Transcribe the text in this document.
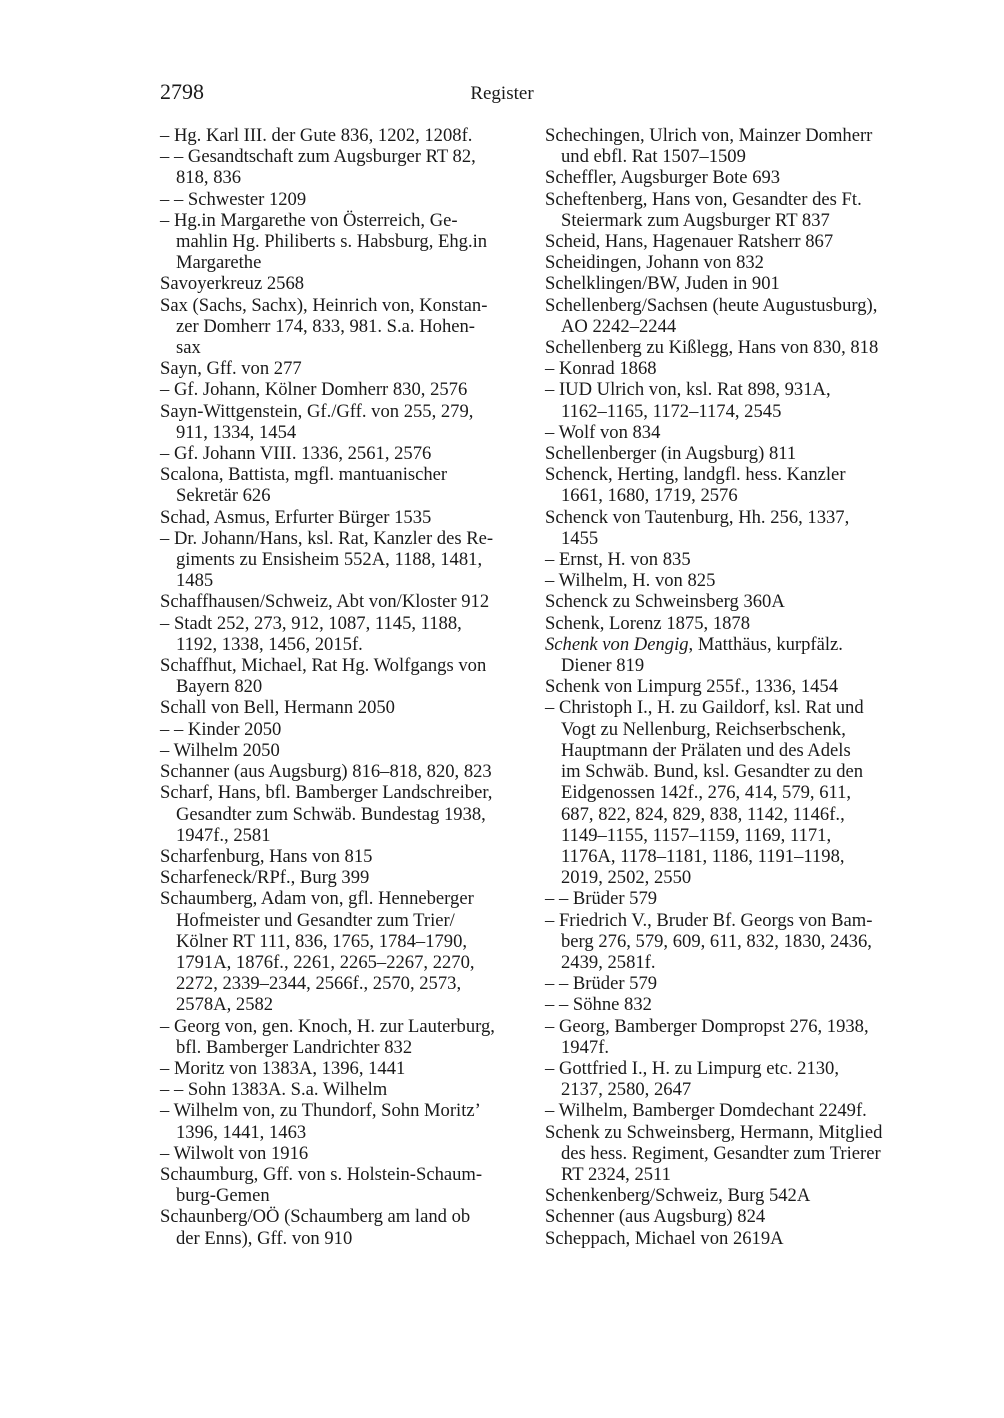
2798	Register
– Hg. Karl III. der Gute 836, 1202, 1208f.
– – Gesandtschaft zum Augsburger RT 82,
818, 836
– – Schwester 1209
– Hg.in Margarethe von Österreich, Ge-
mahlin Hg. Philiberts s. Habsburg, Ehg.in
Margarethe
Savoyerkreuz 2568
Sax (Sachs, Sachx), Heinrich von, Konstan-
zer Domherr 174, 833, 981. S.a. Hohen-
sax
Sayn, Gff. von 277
– Gf. Johann, Kölner Domherr 830, 2576
Sayn-Wittgenstein, Gf./Gff. von 255, 279,
911, 1334, 1454
– Gf. Johann VIII. 1336, 2561, 2576
Scalona, Battista, mgfl. mantuanischer
Sekretär 626
Schad, Asmus, Erfurter Bürger 1535
– Dr. Johann/Hans, ksl. Rat, Kanzler des Re-
giments zu Ensisheim 552A, 1188, 1481,
1485
Schaffhausen/Schweiz, Abt von/Kloster 912
– Stadt 252, 273, 912, 1087, 1145, 1188,
1192, 1338, 1456, 2015f.
Schaffhut, Michael, Rat Hg. Wolfgangs von
Bayern 820
Schall von Bell, Hermann 2050
– – Kinder 2050
– Wilhelm 2050
Schanner (aus Augsburg) 816–818, 820, 823
Scharf, Hans, bfl. Bamberger Landschreiber,
Gesandter zum Schwäb. Bundestag 1938,
1947f., 2581
Scharfenburg, Hans von 815
Scharfeneck/RPf., Burg 399
Schaumberg, Adam von, gfl. Henneberger
Hofmeister und Gesandter zum Trier/
Kölner RT 111, 836, 1765, 1784–1790,
1791A, 1876f., 2261, 2265–2267, 2270,
2272, 2339–2344, 2566f., 2570, 2573,
2578A, 2582
– Georg von, gen. Knoch, H. zur Lauterburg,
bfl. Bamberger Landrichter 832
– Moritz von 1383A, 1396, 1441
– – Sohn 1383A. S.a. Wilhelm
– Wilhelm von, zu Thundorf, Sohn Moritz’
1396, 1441, 1463
– Wilwolt von 1916
Schaumburg, Gff. von s. Holstein-Schaum-
burg-Gemen
Schaunberg/OÖ (Schaumberg am land ob
der Enns), Gff. von 910
Schechingen, Ulrich von, Mainzer Domherr
und ebfl. Rat 1507–1509
Scheffler, Augsburger Bote 693
Scheftenberg, Hans von, Gesandter des Ft.
Steiermark zum Augsburger RT 837
Scheid, Hans, Hagenauer Ratsherr 867
Scheidingen, Johann von 832
Schelklingen/BW, Juden in 901
Schellenberg/Sachsen (heute Augustusburg),
AO 2242–2244
Schellenberg zu Kißlegg, Hans von 830, 818
– Konrad 1868
– IUD Ulrich von, ksl. Rat 898, 931A,
1162–1165, 1172–1174, 2545
– Wolf von 834
Schellenberger (in Augsburg) 811
Schenck, Herting, landgfl. hess. Kanzler
1661, 1680, 1719, 2576
Schenck von Tautenburg, Hh. 256, 1337,
1455
– Ernst, H. von 835
– Wilhelm, H. von 825
Schenck zu Schweinsberg 360A
Schenk, Lorenz 1875, 1878
Schenk von Dengig, Matthäus, kurpfälz.
Diener 819
Schenk von Limpurg 255f., 1336, 1454
– Christoph I., H. zu Gaildorf, ksl. Rat und
Vogt zu Nellenburg, Reichserbschenk,
Hauptmann der Prälaten und des Adels
im Schwäb. Bund, ksl. Gesandter zu den
Eidgenossen 142f., 276, 414, 579, 611,
687, 822, 824, 829, 838, 1142, 1146f.,
1149–1155, 1157–1159, 1169, 1171,
1176A, 1178–1181, 1186, 1191–1198,
2019, 2502, 2550
– – Brüder 579
– Friedrich V., Bruder Bf. Georgs von Bam-
berg 276, 579, 609, 611, 832, 1830, 2436,
2439, 2581f.
– – Brüder 579
– – Söhne 832
– Georg, Bamberger Dompropst 276, 1938,
1947f.
– Gottfried I., H. zu Limpurg etc. 2130,
2137, 2580, 2647
– Wilhelm, Bamberger Domdechant 2249f.
Schenk zu Schweinsberg, Hermann, Mitglied
des hess. Regiment, Gesandter zum Trierer
RT 2324, 2511
Schenkenberg/Schweiz, Burg 542A
Schenner (aus Augsburg) 824
Scheppach, Michael von 2619A
